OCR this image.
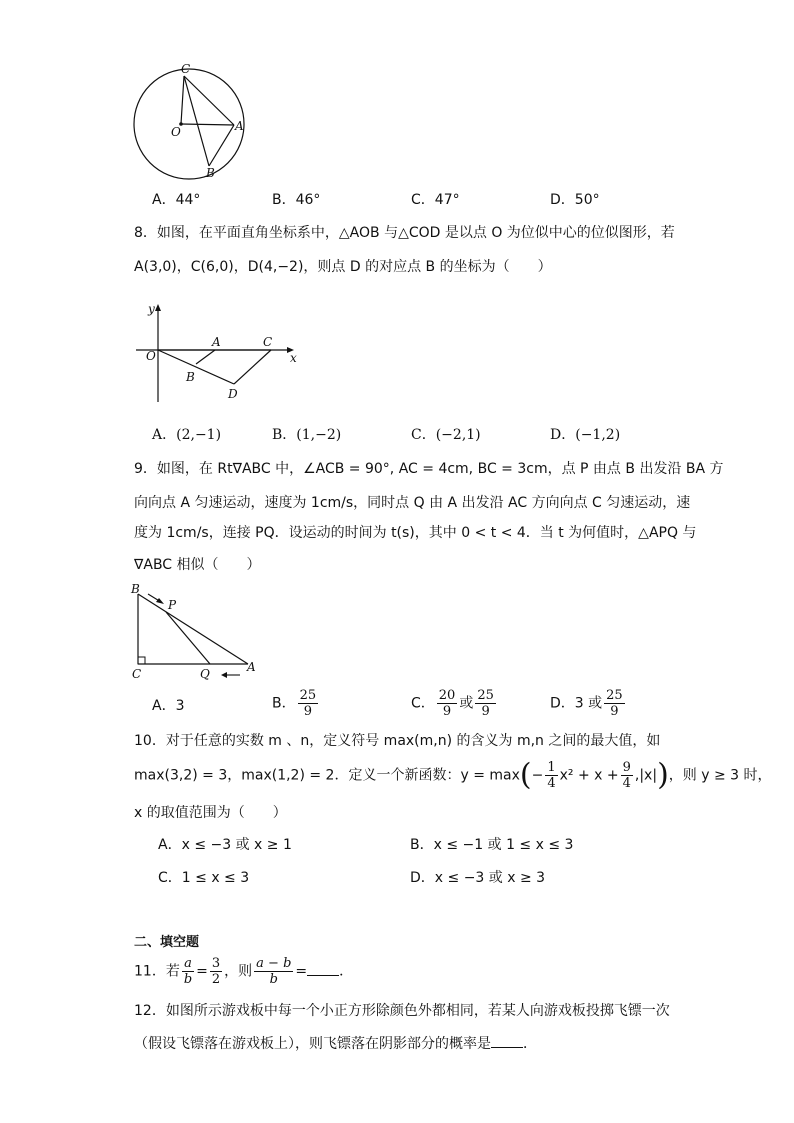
C
O	A
B
A．44°	B．46°	C．47°	D．50°
8．如图，在平面直角坐标系中，△AOB 与△COD 是以点 O 为位似中心的位似图形，若
A(3,0)，C(6,0)，D(4,−2)，则点 D 的对应点 B 的坐标为（　　）
y
x
O
A	C
B
D
A．(2,−1)	B．(1,−2)	C．(−2,1)	D．(−1,2)
9．如图，在 Rt∇ABC 中，∠ACB = 90°, AC = 4cm, BC = 3cm，点 P 由点 B 出发沿 BA 方
向向点 A 匀速运动，速度为 1cm/s，同时点 Q 由 A 出发沿 AC 方向向点 C 匀速运动，速
度为 1cm/s，连接 PQ．设运动的时间为 t(s)，其中 0 < t < 4．当 t 为何值时，△APQ 与
∇ABC 相似（　　）
B
P
C	Q	A
A．3	B． $\frac{25}{9}$	C． $\frac{20}{9}$ 或 $\frac{25}{9}$	D．3 或 $\frac{25}{9}$
10．对于任意的实数 m 、n，定义符号 max(m,n) 的含义为 m,n 之间的最大值，如
max(3,2) = 3，max(1,2) = 2．定义一个新函数：$y = \max(- \frac{1}{4} x^2 + x + \frac{9}{4} ,|x|)$，则 y ≥ 3 时，
x 的取值范围为（　　）
A．x ≤ −3 或 x ≥ 1	B．x ≤ −1 或 1 ≤ x ≤ 3
C．1 ≤ x ≤ 3	D．x ≤ −3 或 x ≥ 3
二、填空题
11．若 $\frac{a}{b} = \frac{3}{2}$ ，则 $\frac{a - b}{b}$ = ．
12．如图所示游戏板中每一个小正方形除颜色外都相同，若某人向游戏板投掷飞镖一次
（假设飞镖落在游戏板上），则飞镖落在阴影部分的概率是 ．
